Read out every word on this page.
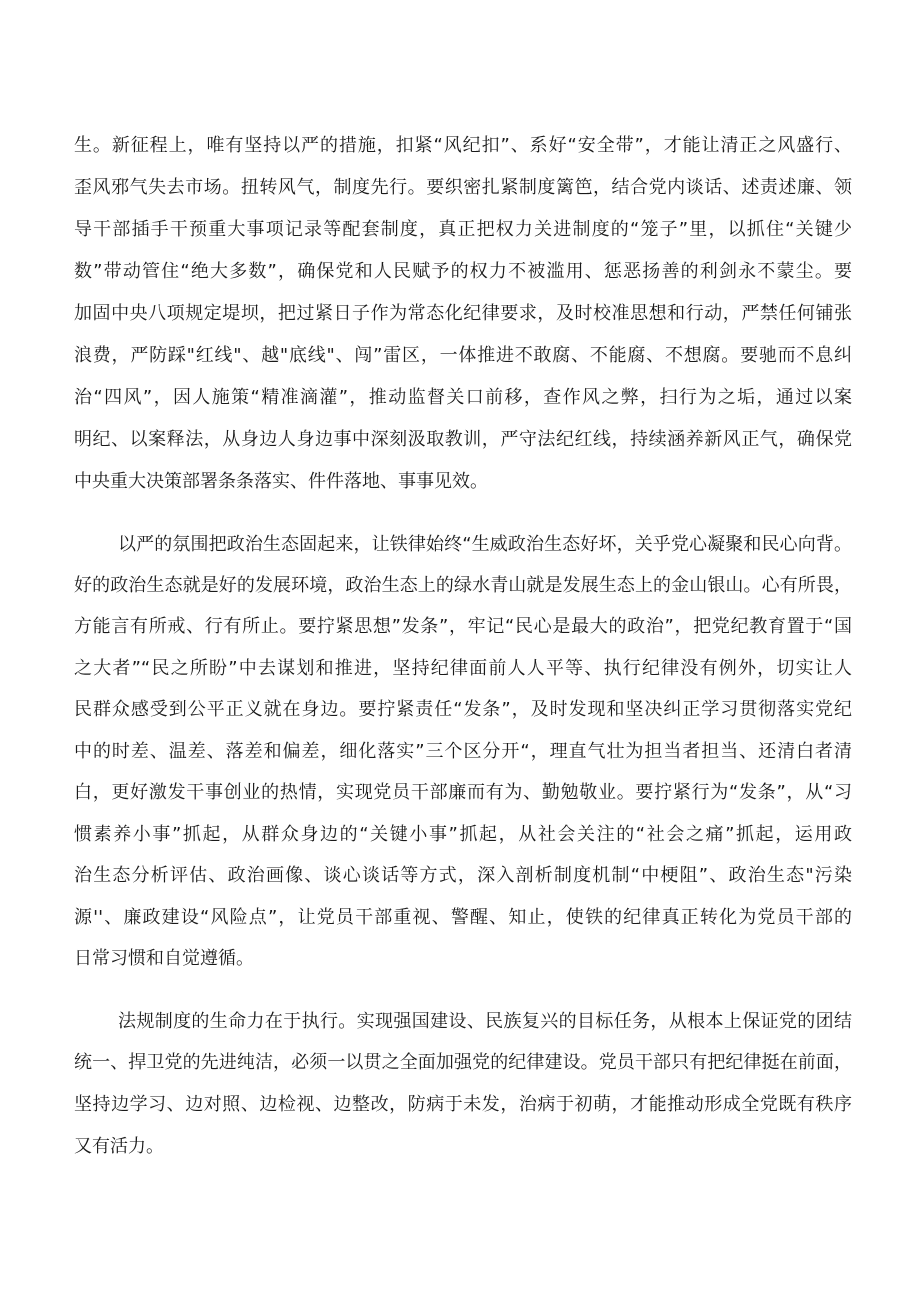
生。新征程上，唯有坚持以严的措施，扣紧“风纪扣”、系好“安全带”，才能让清正之风盛行、
歪风邪气失去市场。扭转风气，制度先行。要织密扎紧制度篱笆，结合党内谈话、述责述廉、领
导干部插手干预重大事项记录等配套制度，真正把权力关进制度的“笼子”里，以抓住“关键少
数”带动管住“绝大多数”，确保党和人民赋予的权力不被滥用、惩恶扬善的利剑永不蒙尘。要
加固中央八项规定堤坝，把过紧日子作为常态化纪律要求，及时校准思想和行动，严禁任何铺张
浪费，严防踩"红线"、越"底线"、闯”雷区，一体推进不敢腐、不能腐、不想腐。要驰而不息纠
治“四风”，因人施策“精准滴灌”，推动监督关口前移，查作风之弊，扫行为之垢，通过以案
明纪、以案释法，从身边人身边事中深刻汲取教训，严守法纪红线，持续涵养新风正气，确保党
中央重大决策部署条条落实、件件落地、事事见效。
以严的氛围把政治生态固起来，让铁律始终“生威政治生态好坏，关乎党心凝聚和民心向背。
好的政治生态就是好的发展环境，政治生态上的绿水青山就是发展生态上的金山银山。心有所畏，
方能言有所戒、行有所止。要拧紧思想”发条”，牢记“民心是最大的政治”，把党纪教育置于“国
之大者”“民之所盼”中去谋划和推进，坚持纪律面前人人平等、执行纪律没有例外，切实让人
民群众感受到公平正义就在身边。要拧紧责任“发条”，及时发现和坚决纠正学习贯彻落实党纪
中的时差、温差、落差和偏差，细化落实”三个区分开“，理直气壮为担当者担当、还清白者清
白，更好激发干事创业的热情，实现党员干部廉而有为、勤勉敬业。要拧紧行为“发条”，从“习
惯素养小事”抓起，从群众身边的“关键小事”抓起，从社会关注的“社会之痛”抓起，运用政
治生态分析评估、政治画像、谈心谈话等方式，深入剖析制度机制“中梗阻”、政治生态"污染
源''、廉政建设“风险点”，让党员干部重视、警醒、知止，使铁的纪律真正转化为党员干部的
日常习惯和自觉遵循。
法规制度的生命力在于执行。实现强国建设、民族复兴的目标任务，从根本上保证党的团结
统一、捍卫党的先进纯洁，必须一以贯之全面加强党的纪律建设。党员干部只有把纪律挺在前面，
坚持边学习、边对照、边检视、边整改，防病于未发，治病于初萌，才能推动形成全党既有秩序
又有活力。
